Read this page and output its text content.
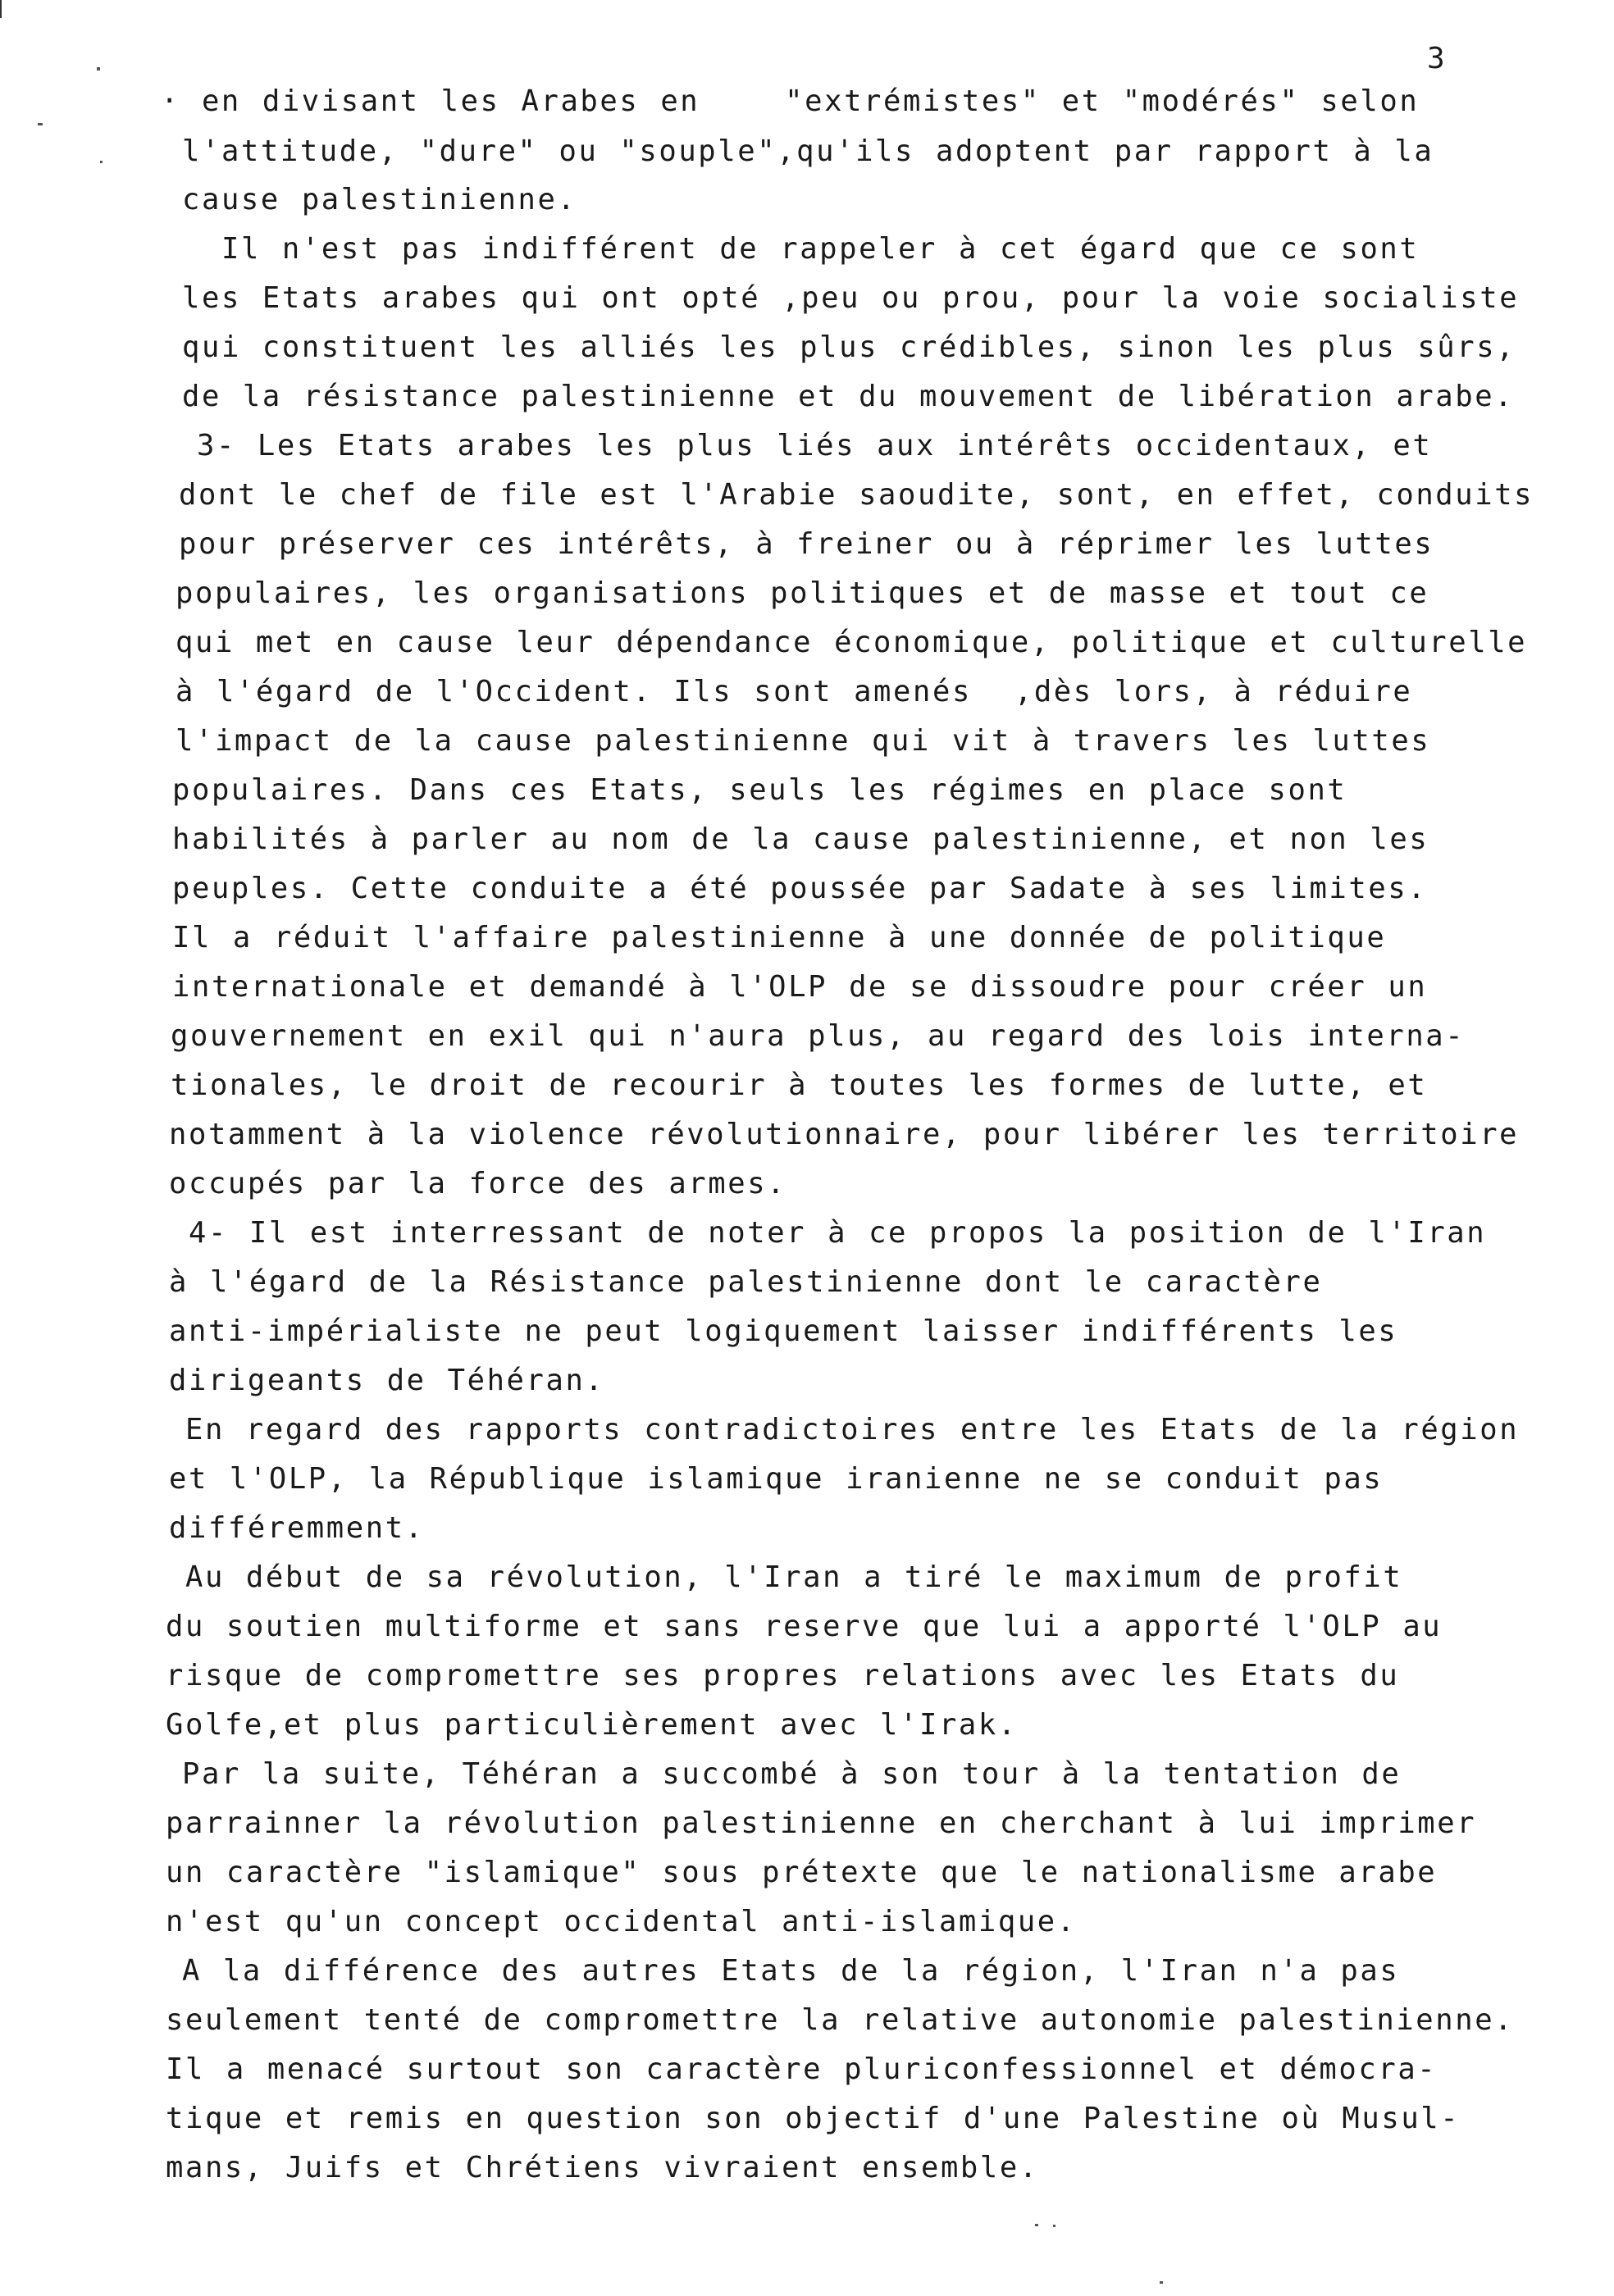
3
· en divisant les Arabes en    "extrémistes" et "modérés" selon
l'attitude, "dure" ou "souple",qu'ils adoptent par rapport à la
cause palestinienne.
Il n'est pas indifférent de rappeler à cet égard que ce sont
les Etats arabes qui ont opté ,peu ou prou, pour la voie socialiste
qui constituent les alliés les plus crédibles, sinon les plus sûrs,
de la résistance palestinienne et du mouvement de libération arabe.
3- Les Etats arabes les plus liés aux intérêts occidentaux, et
dont le chef de file est l'Arabie saoudite, sont, en effet, conduits
pour préserver ces intérêts, à freiner ou à réprimer les luttes
populaires, les organisations politiques et de masse et tout ce
qui met en cause leur dépendance économique, politique et culturelle
à l'égard de l'Occident. Ils sont amenés  ,dès lors, à réduire
l'impact de la cause palestinienne qui vit à travers les luttes
populaires. Dans ces Etats, seuls les régimes en place sont
habilités à parler au nom de la cause palestinienne, et non les
peuples. Cette conduite a été poussée par Sadate à ses limites.
Il a réduit l'affaire palestinienne à une donnée de politique
internationale et demandé à l'OLP de se dissoudre pour créer un
gouvernement en exil qui n'aura plus, au regard des lois interna-
tionales, le droit de recourir à toutes les formes de lutte, et
notamment à la violence révolutionnaire, pour libérer les territoire
occupés par la force des armes.
4- Il est interressant de noter à ce propos la position de l'Iran
à l'égard de la Résistance palestinienne dont le caractère
anti-impérialiste ne peut logiquement laisser indifférents les
dirigeants de Téhéran.
En regard des rapports contradictoires entre les Etats de la région
et l'OLP, la République islamique iranienne ne se conduit pas
différemment.
Au début de sa révolution, l'Iran a tiré le maximum de profit
du soutien multiforme et sans reserve que lui a apporté l'OLP au
risque de compromettre ses propres relations avec les Etats du
Golfe,et plus particulièrement avec l'Irak.
Par la suite, Téhéran a succombé à son tour à la tentation de
parrainner la révolution palestinienne en cherchant à lui imprimer
un caractère "islamique" sous prétexte que le nationalisme arabe
n'est qu'un concept occidental anti-islamique.
A la différence des autres Etats de la région, l'Iran n'a pas
seulement tenté de compromettre la relative autonomie palestinienne.
Il a menacé surtout son caractère pluriconfessionnel et démocra-
tique et remis en question son objectif d'une Palestine où Musul-
mans, Juifs et Chrétiens vivraient ensemble.
